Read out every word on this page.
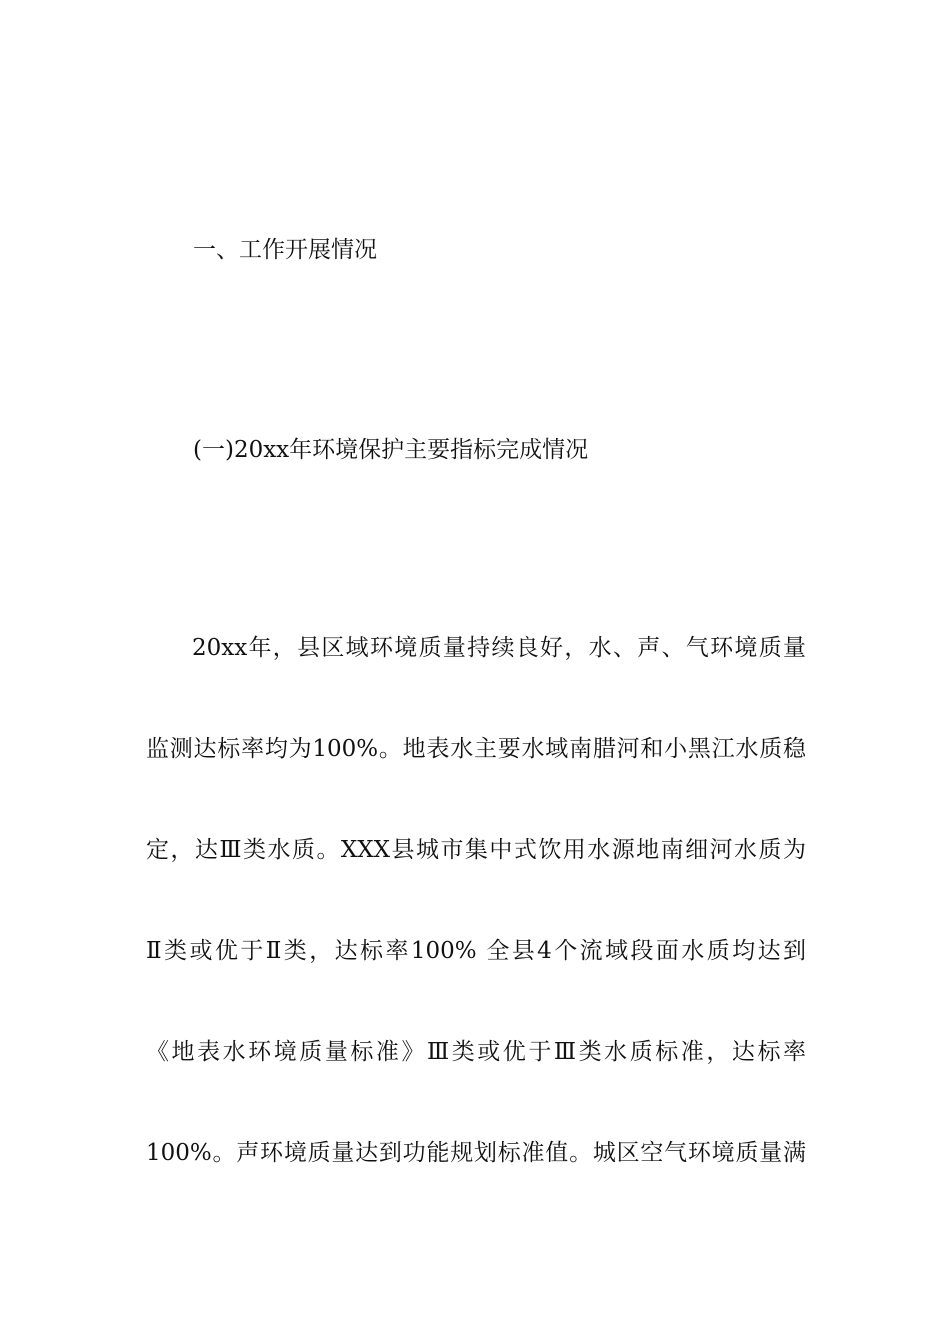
一、工作开展情况
(一)20xx年环境保护主要指标完成情况
20xx年，县区域环境质量持续良好，水、声、气环境质量
监测达标率均为100%。地表水主要水域南腊河和小黑江水质稳
定，达Ⅲ类水质。XXX县城市集中式饮用水源地南细河水质为
Ⅱ类或优于Ⅱ类，达标率100% 全县4个流域段面水质均达到
《地表水环境质量标准》Ⅲ类或优于Ⅲ类水质标准，达标率
100%。声环境质量达到功能规划标准值。城区空气环境质量满
